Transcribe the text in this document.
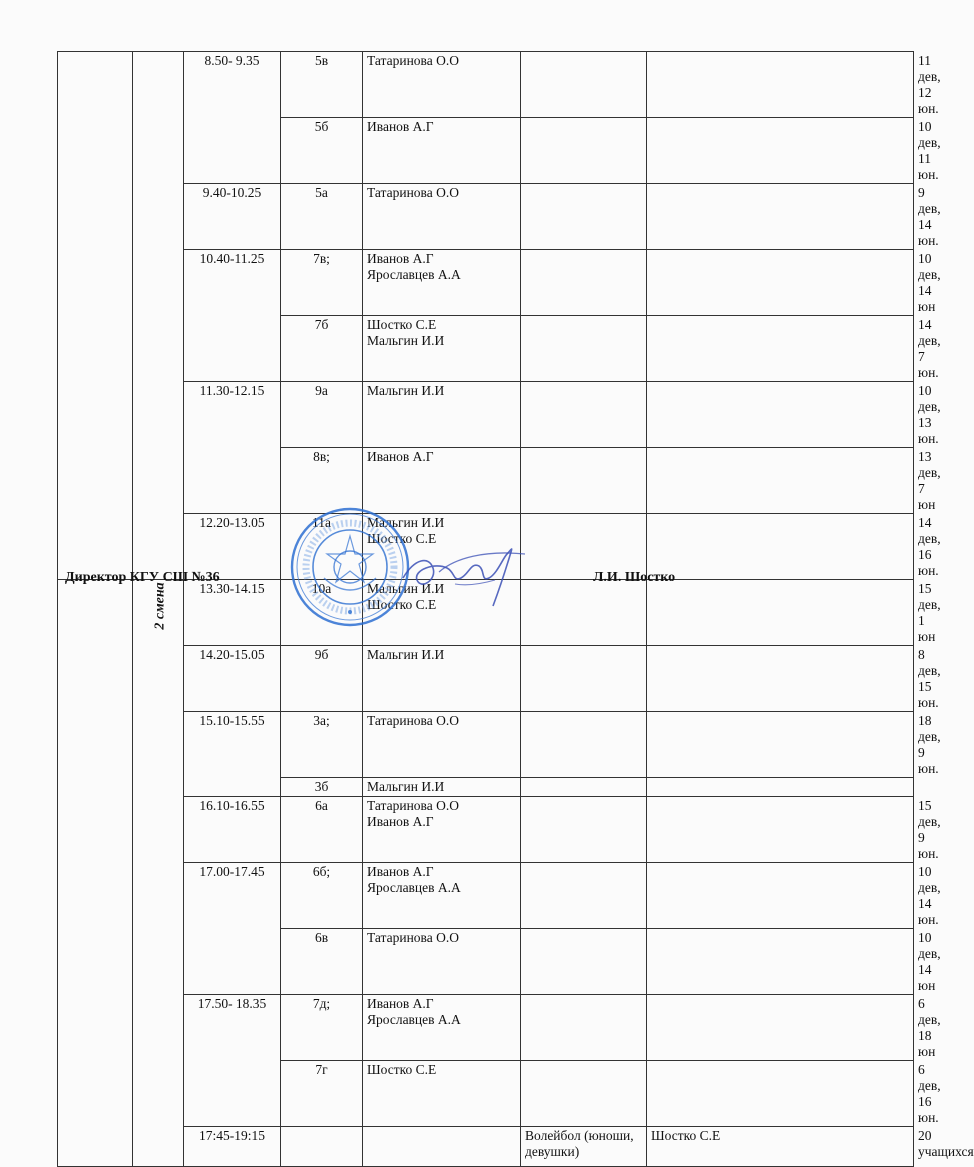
		8.50- 9.35	5в	Татаринова О.О			11 дев, 12 юн.
			5б	Иванов А.Г			10 дев, 11 юн.
		9.40-10.25	5а	Татаринова О.О			9 дев, 14 юн.
		10.40-11.25	7в;	Иванов А.Г
Ярославцев А.А			10 дев, 14 юн
			7б	Шостко С.Е
Мальгин И.И			14 дев, 7 юн.
		11.30-12.15	9а	Мальгин И.И			10 дев, 13 юн.
			8в;	Иванов А.Г			13 дев, 7 юн
		12.20-13.05	11а	Мальгин И.И
Шостко С.Е			14 дев, 16 юн.

2 смена	13.30-14.15	10а	Мальгин И.И
Шостко С.Е			15 дев, 1 юн
		14.20-15.05	9б	Мальгин И.И			8 дев, 15 юн.
		15.10-15.55	3а;	Татаринова О.О			18 дев, 9 юн.
			3б	Мальгин И.И			
		16.10-16.55	6а	Татаринова О.О
Иванов А.Г			15 дев, 9 юн.
		17.00-17.45	6б;	Иванов А.Г
Ярославцев А.А			10 дев, 14 юн.
			6в	Татаринова О.О			10 дев, 14 юн
		17.50- 18.35	7д;	Иванов А.Г
Ярославцев А.А			6 дев, 18 юн
			7г	Шостко С.Е			6 дев, 16 юн.
		17:45-19:15			Волейбол (юноши,
девушки)	Шостко С.Е	20 учащихся
Директор КГУ СШ №36	Л.И. Шостко
